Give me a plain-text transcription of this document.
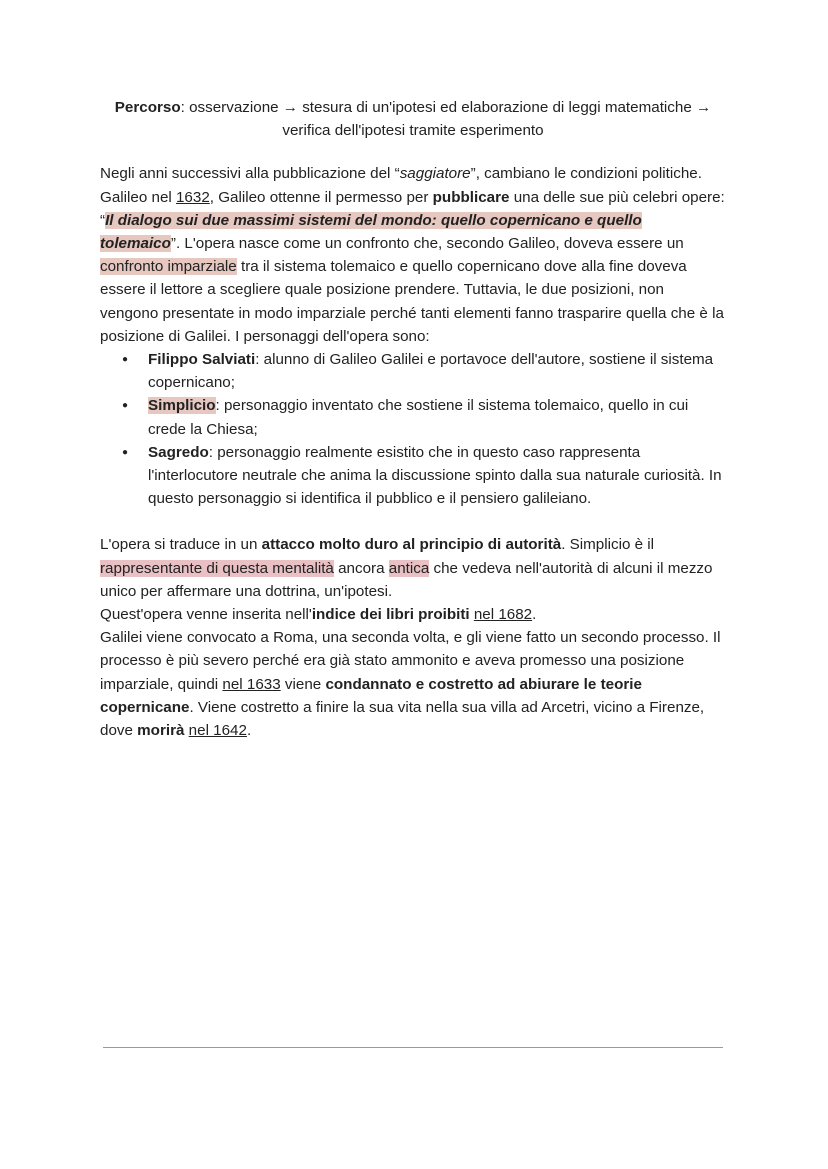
Percorso: osservazione → stesura di un'ipotesi ed elaborazione di leggi matematiche → verifica dell'ipotesi tramite esperimento

Negli anni successivi alla pubblicazione del “saggiatore”, cambiano le condizioni politiche. Galileo nel 1632, Galileo ottenne il permesso per pubblicare una delle sue più celebri opere: “Il dialogo sui due massimi sistemi del mondo: quello copernicano e quello tolemaico”. L'opera nasce come un confronto che, secondo Galileo, doveva essere un confronto imparziale tra il sistema tolemaico e quello copernicano dove alla fine doveva essere il lettore a scegliere quale posizione prendere. Tuttavia, le due posizioni, non vengono presentate in modo imparziale perché tanti elementi fanno trasparire quella che è la posizione di Galilei. I personaggi dell'opera sono:

● Filippo Salviati: alunno di Galileo Galilei e portavoce dell'autore, sostiene il sistema copernicano;
● Simplicio: personaggio inventato che sostiene il sistema tolemaico, quello in cui crede la Chiesa;
● Sagredo: personaggio realmente esistito che in questo caso rappresenta l'interlocutore neutrale che anima la discussione spinto dalla sua naturale curiosità. In questo personaggio si identifica il pubblico e il pensiero galileiano.

L'opera si traduce in un attacco molto duro al principio di autorità. Simplicio è il rappresentante di questa mentalità ancora antica che vedeva nell'autorità di alcuni il mezzo unico per affermare una dottrina, un'ipotesi.

Quest'opera venne inserita nell'indice dei libri proibiti nel 1682.

Galilei viene convocato a Roma, una seconda volta, e gli viene fatto un secondo processo. Il processo è più severo perché era già stato ammonito e aveva promesso una posizione imparziale, quindi nel 1633 viene condannato e costretto ad abiurare le teorie copernicane. Viene costretto a finire la sua vita nella sua villa ad Arcetri, vicino a Firenze, dove morirà nel 1642.
